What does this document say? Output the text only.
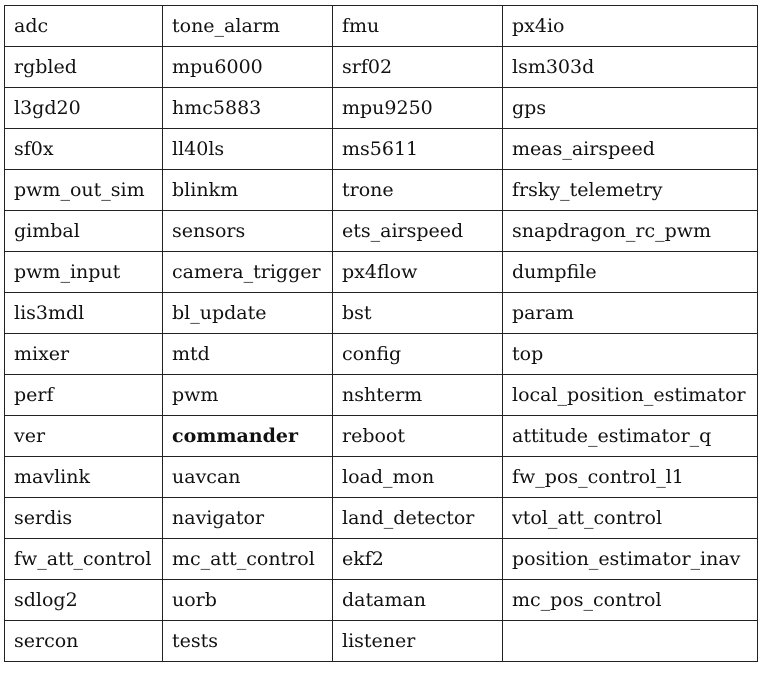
adc	tone_alarm	fmu	px4io
rgbled	mpu6000	srf02	lsm303d
l3gd20	hmc5883	mpu9250	gps
sf0x	ll40ls	ms5611	meas_airspeed
pwm_out_sim	blinkm	trone	frsky_telemetry
gimbal	sensors	ets_airspeed	snapdragon_rc_pwm
pwm_input	camera_trigger	px4flow	dumpfile
lis3mdl	bl_update	bst	param
mixer	mtd	config	top
perf	pwm	nshterm	local_position_estimator
ver	commander	reboot	attitude_estimator_q
mavlink	uavcan	load_mon	fw_pos_control_l1
serdis	navigator	land_detector	vtol_att_control
fw_att_control	mc_att_control	ekf2	position_estimator_inav
sdlog2	uorb	dataman	mc_pos_control
sercon	tests	listener	
